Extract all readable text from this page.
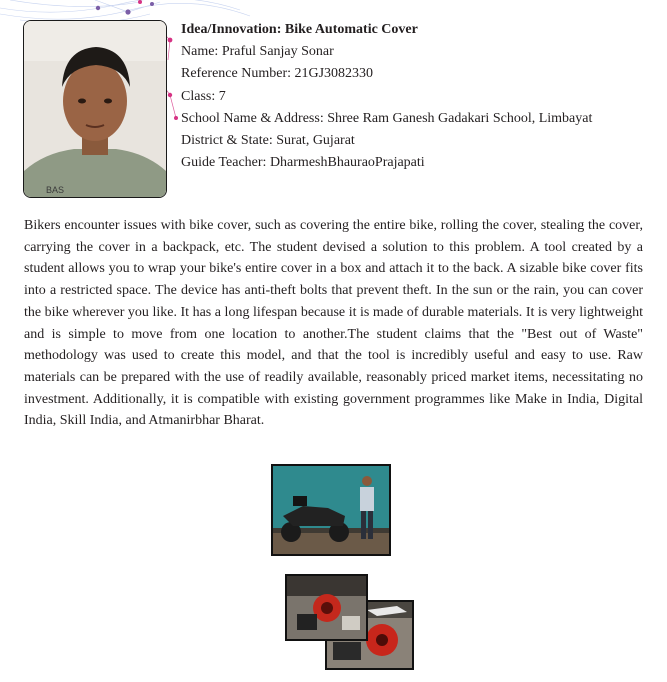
BAS
Idea/Innovation: Bike Automatic Cover
Name: Praful Sanjay Sonar
Reference Number: 21GJ3082330
Class: 7
School Name & Address: Shree Ram Ganesh Gadakari School, Limbayat
District & State: Surat, Gujarat
Guide Teacher: DharmeshBhauraoPrajapati
Bikers encounter issues with bike cover, such as covering the entire bike, rolling the cover, stealing the cover, carrying the cover in a backpack, etc. The student devised a solution to this problem. A tool created by a student allows you to wrap your bike's entire cover in a box and attach it to the back. A sizable bike cover fits into a restricted space. The device has anti-theft bolts that prevent theft. In the sun or the rain, you can cover the bike wherever you like. It has a long lifespan because it is made of durable materials. It is very lightweight and is simple to move from one location to another.The student claims that the "Best out of Waste" methodology was used to create this model, and that the tool is incredibly useful and easy to use. Raw materials can be prepared with the use of readily available, reasonably priced market items, necessitating no investment. Additionally, it is compatible with existing government programmes like Make in India, Digital India, Skill India, and Atmanirbhar Bharat.
